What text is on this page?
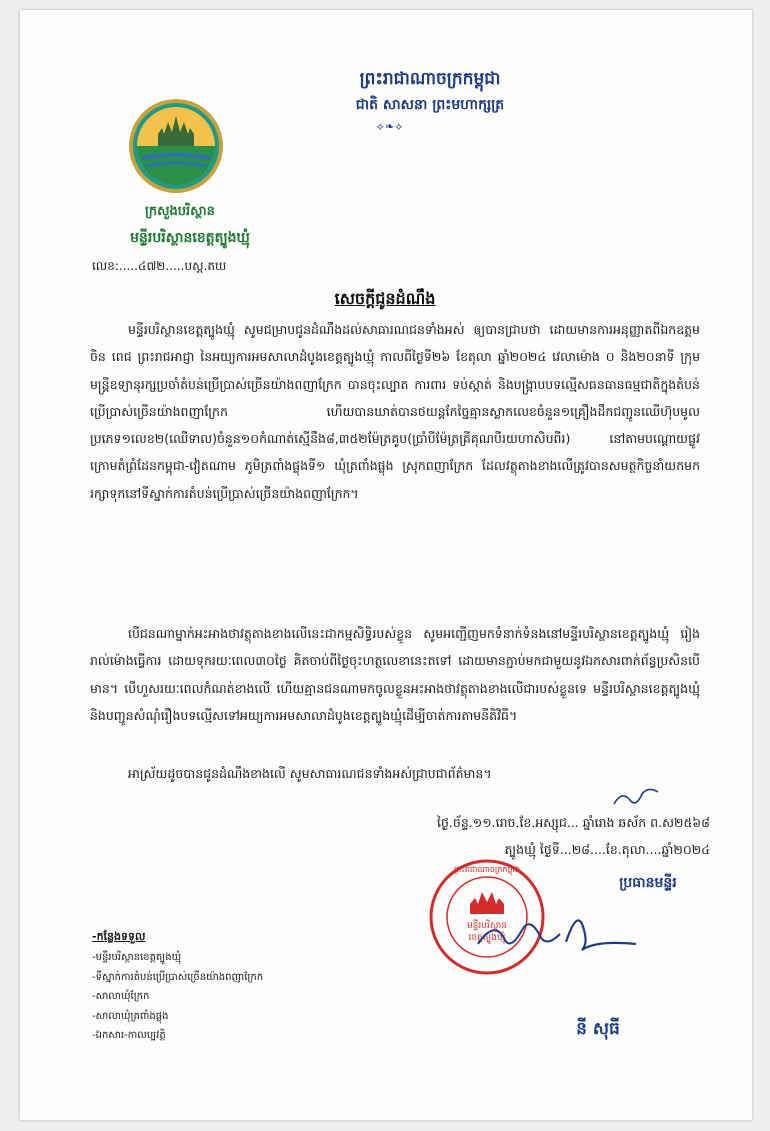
ព្រះរាជាណាចក្រកម្ពុជា
ជាតិ សាសនា ព្រះមហាក្សត្រ
⟡❧⟡
ក្រសួងបរិស្ថាន
មន្ទីរបរិស្ថានខេត្តត្បូងឃ្មុំ
លេខ:.....៤៧២.....បស្ត.តឃ
សេចក្តីជូនដំណឹង
មន្ទីរបរិស្ថានខេត្តត្បូងឃ្មុំ សូមជម្រាបជូនដំណឹងដល់សាធារណជនទាំងអស់ ឲ្យបានជ្រាបថា ដោយមានការអនុញ្ញាតពីឯកឧត្តម ចិន ពេជ ព្រះរាជអាជ្ញា នៃអយ្យការអមសាលាដំបូងខេត្តត្បូងឃ្មុំ កាលពីថ្ងៃទី២៦ ខែតុលា ឆ្នាំ២០២៤ វេលាម៉ោង ០ និង២០នាទី ក្រុមមន្ត្រីឧទ្យានុរក្សប្រចាំតំបន់ប្រើប្រាស់ច្រើនយ៉ាងពញាក្រែក បានចុះល្បាត ការពារ ទប់ស្កាត់ និងបង្ក្រាបបទល្មើសធនធានធម្មជាតិក្នុងតំបន់ប្រើប្រាស់ច្រើនយ៉ាងពញាក្រែក ហើយបានឃាត់បានថយន្តកែច្នៃគ្មានស្លាកលេខចំនួន១គ្រឿងដឹកជញ្ជូនឈើហ៊ុបមូលប្រភេទ១លេខ២(ឈើទាល)ចំនួន១០កំណាត់ស្មើនឹង៨,៣៥២ម៉ែត្រគូប(ប្រាំបីម៉ែត្រគ្រីគុណបីរយហាសិបពីរ) នៅតាមបណ្តោយផ្លូវក្រោមតំព្រំដែនកម្ពុជា-វៀតណាម ភូមិត្រពាំងផ្លុងទី១ ឃុំត្រពាំងផ្លុង ស្រុកពញាក្រែក ដែលវត្ថុតាងខាងលើត្រូវបានសមត្ថកិច្ចនាំយកមករក្សាទុកនៅទីស្នាក់ការតំបន់ប្រើប្រាស់ច្រើនយ៉ាងពញាក្រែក។
បើជនណាម្នាក់អះអាងថាវត្ថុតាងខាងលើនេះជាកម្មសិទ្ធិរបស់ខ្លួន សូមអញ្ជើញមកទំនាក់ទំនងនៅមន្ទីរបរិស្ថានខេត្តត្បូងឃ្មុំ រៀងរាល់ម៉ោងធ្វើការ ដោយទុករយៈពេល៣០ថ្ងៃ គិតចាប់ពីថ្ងៃចុះហត្ថលេខានេះតទៅ ដោយមានភ្ជាប់មកជាមួយនូវឯកសារពាក់ព័ន្ធប្រសិនបើមាន។ បើហួសរយៈពេលកំណត់ខាងលើ ហើយគ្មានជនណាមកចូលខ្លួនអះអាងថាវត្ថុតាងខាងលើជារបស់ខ្លួនទេ មន្ទីរបរិស្ថានខេត្តត្បូងឃ្មុំ និងបញ្ជូនសំណុំរឿងបទល្មើសទៅអយ្យការអមសាលាដំបូងខេត្តត្បូងឃ្មុំដើម្បីចាត់ការតាមនីតិវិធី។
អាស្រ័យដូចបានជូនដំណឹងខាងលើ សូមសាធារណជនទាំងអស់ជ្រាបជាព័ត៌មាន។
ថ្ងៃ.ច័ន្ទ.១១.រោច.ខែ.អស្សុជ... ឆ្នាំរោង ឆស័ក ព.ស២៥៦៨
ត្បូងឃ្មុំ ថ្ងៃទី...២៨....ខែ.តុលា....ឆ្នាំ២០២៤
ប្រធានមន្ទីរ
មន្ទីរបរិស្ថាន
ខេត្តត្បូងឃ្មុំ
ព្រះរាជាណាចក្រកម្ពុជា
នី សុធី
-កន្លែងទទួល
-មន្ទីរបរិស្ថានខេត្តត្បូងឃ្មុំ
-ទីស្នាក់ការតំបន់ប្រើប្រាស់ច្រើនយ៉ាងពញាក្រែក
-សាលាឃុំក្រែក
-សាលាឃុំត្រពាំងផ្លុង
-ឯកសារ-កាលប្បវត្តិ
